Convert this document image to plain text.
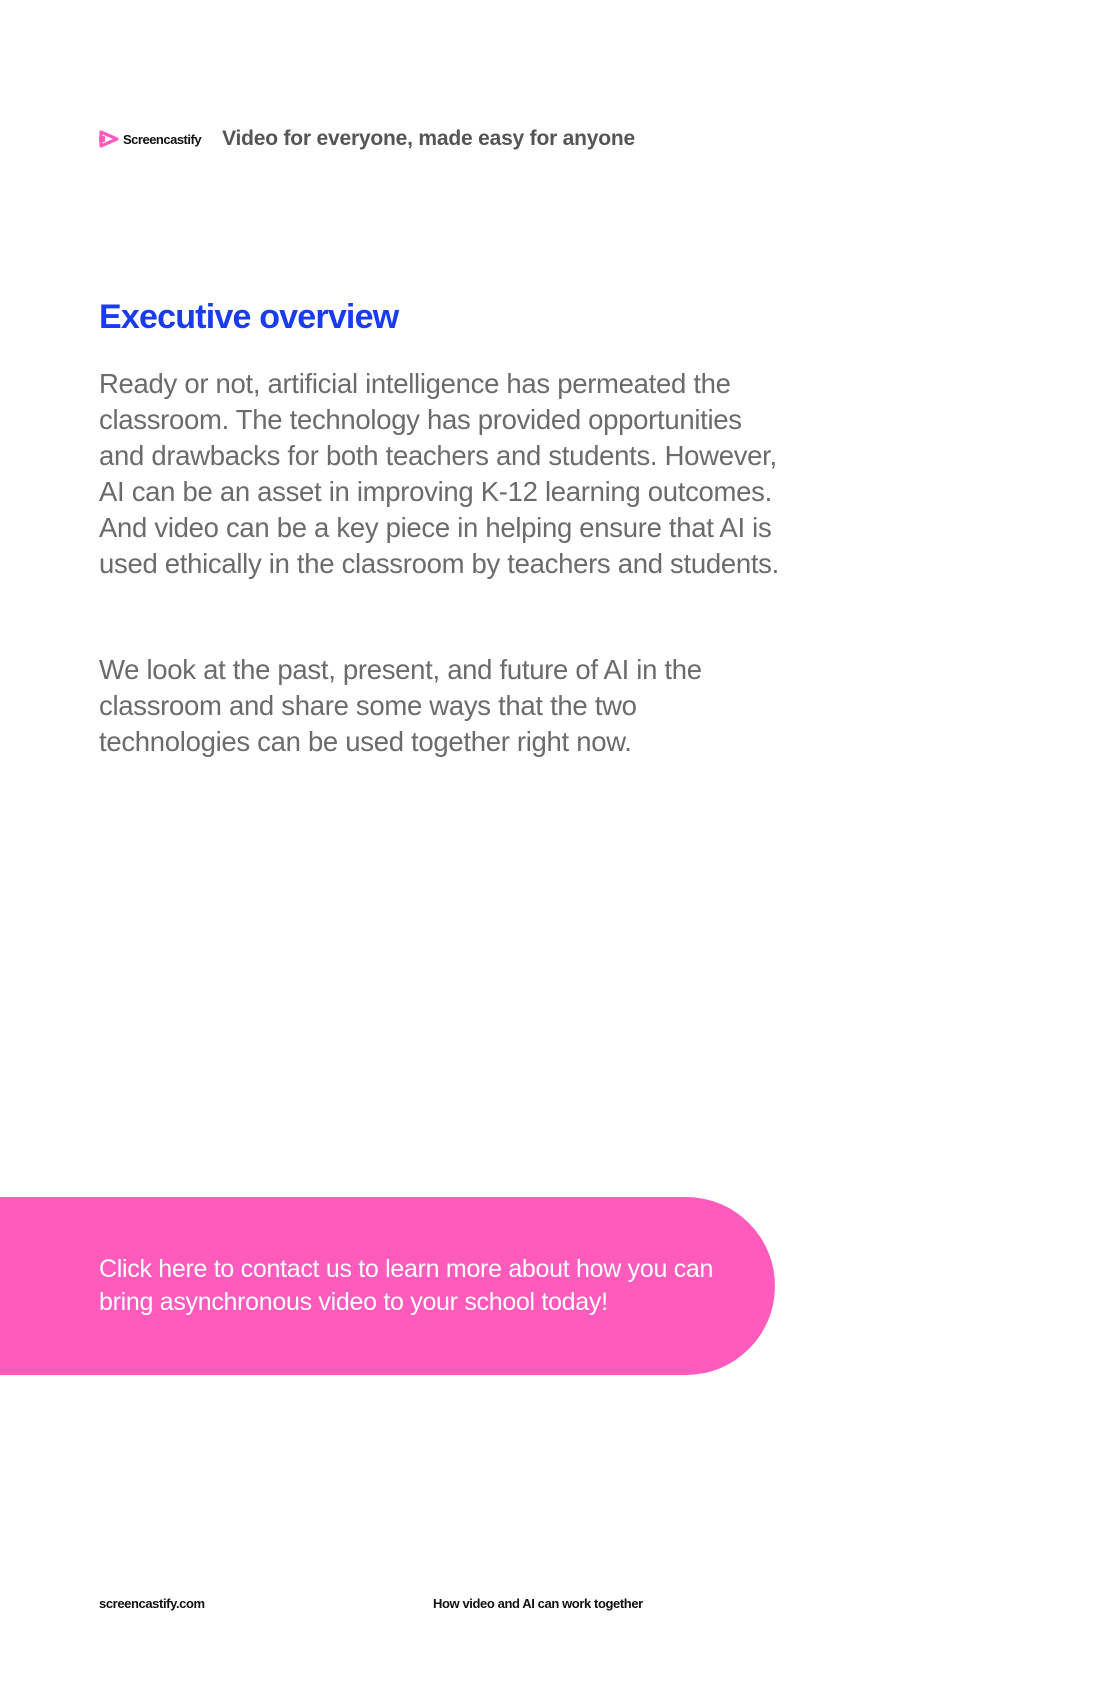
Screencastify Video for everyone, made easy for anyone
Executive overview

Ready or not, artificial intelligence has permeated the classroom. The technology has provided opportunities and drawbacks for both teachers and students. However, AI can be an asset in improving K-12 learning outcomes. And video can be a key piece in helping ensure that AI is used ethically in the classroom by teachers and students.

We look at the past, present, and future of AI in the classroom and share some ways that the two technologies can be used together right now.

Click here to contact us to learn more about how you can bring asynchronous video to your school today!
screencastify.com	How video and AI can work together
